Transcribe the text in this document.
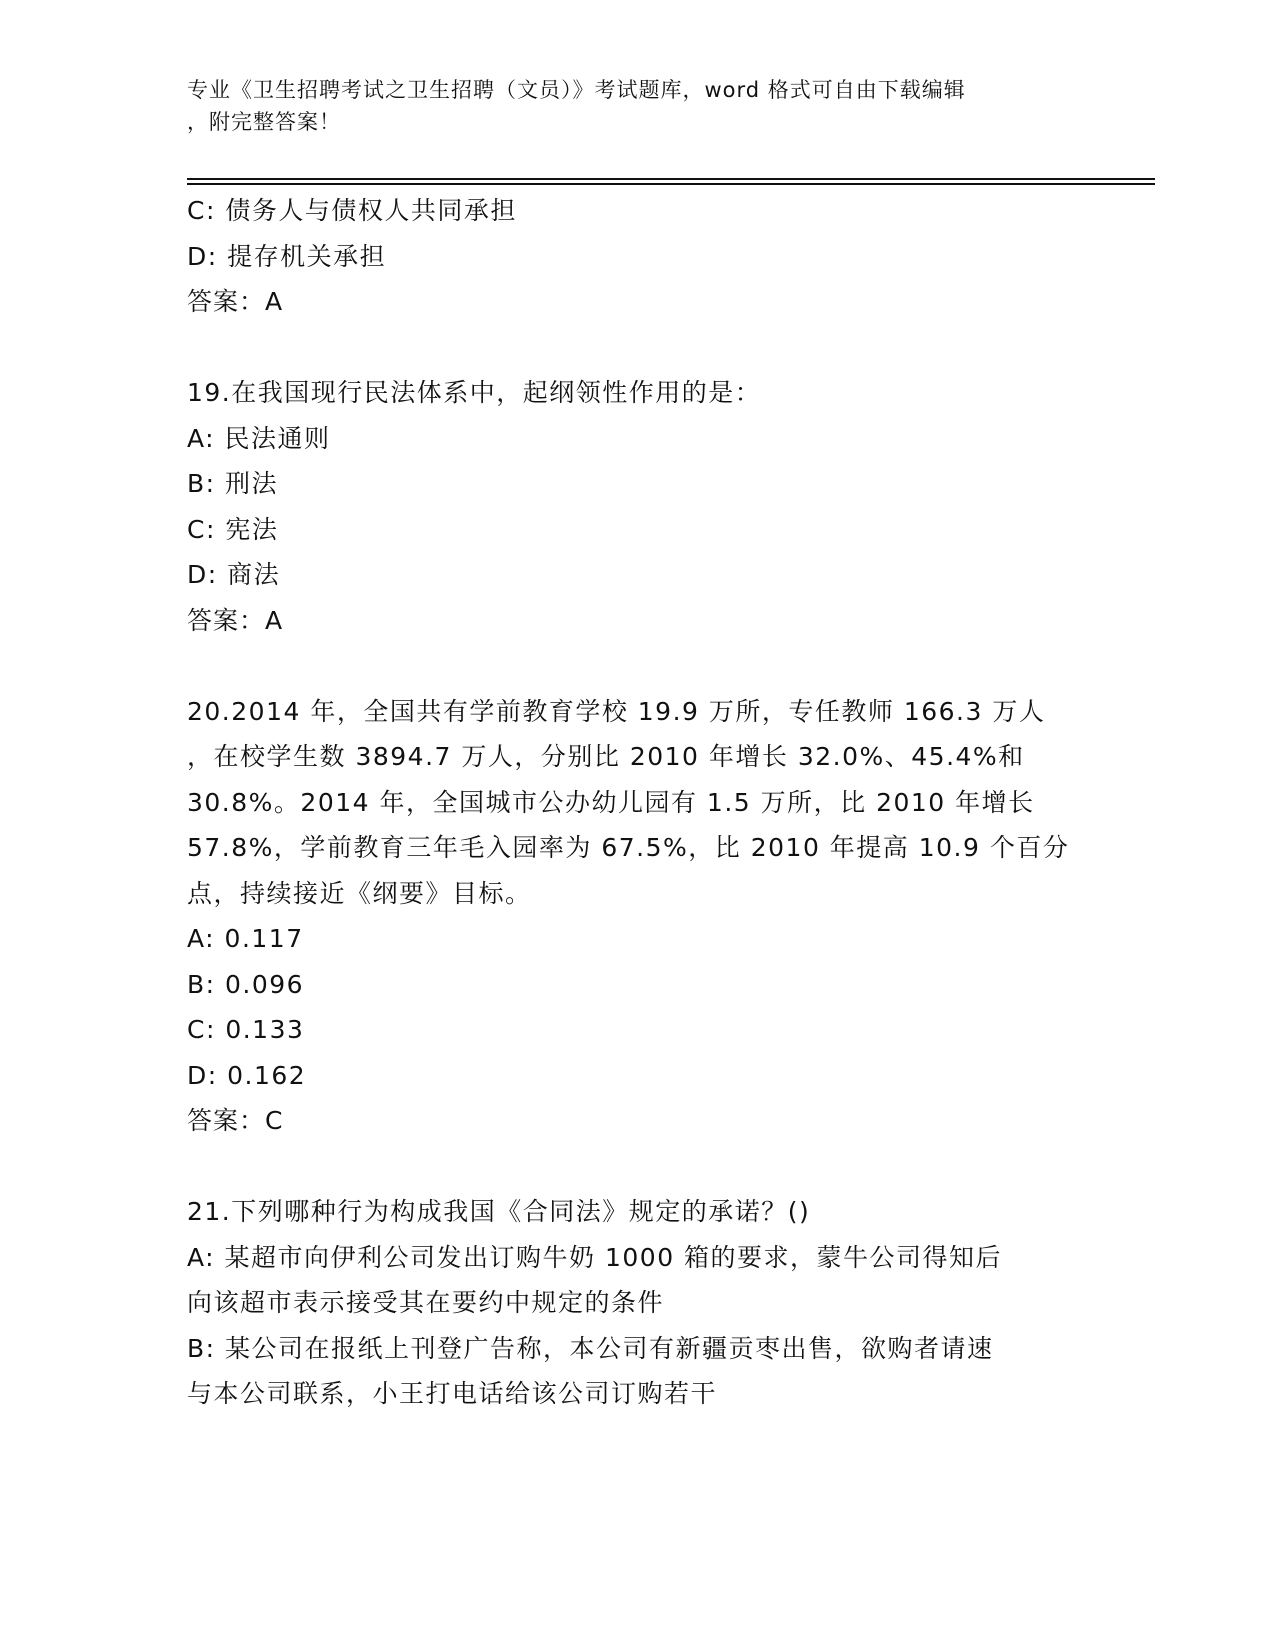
专业《卫生招聘考试之卫生招聘（文员）》考试题库，word 格式可自由下载编辑
，附完整答案！
C: 债务人与债权人共同承担
D: 提存机关承担
答案：A
19.在我国现行民法体系中，起纲领性作用的是：
A: 民法通则
B: 刑法
C: 宪法
D: 商法
答案：A
20.2014 年，全国共有学前教育学校 19.9 万所，专任教师 166.3 万人
，在校学生数 3894.7 万人，分别比 2010 年增长 32.0%、45.4%和
30.8%。2014 年，全国城市公办幼儿园有 1.5 万所，比 2010 年增长
57.8%，学前教育三年毛入园率为 67.5%，比 2010 年提高 10.9 个百分
点，持续接近《纲要》目标。
A: 0.117
B: 0.096
C: 0.133
D: 0.162
答案：C
21.下列哪种行为构成我国《合同法》规定的承诺？()
A: 某超市向伊利公司发出订购牛奶 1000 箱的要求，蒙牛公司得知后
向该超市表示接受其在要约中规定的条件
B: 某公司在报纸上刊登广告称，本公司有新疆贡枣出售，欲购者请速
与本公司联系，小王打电话给该公司订购若干
